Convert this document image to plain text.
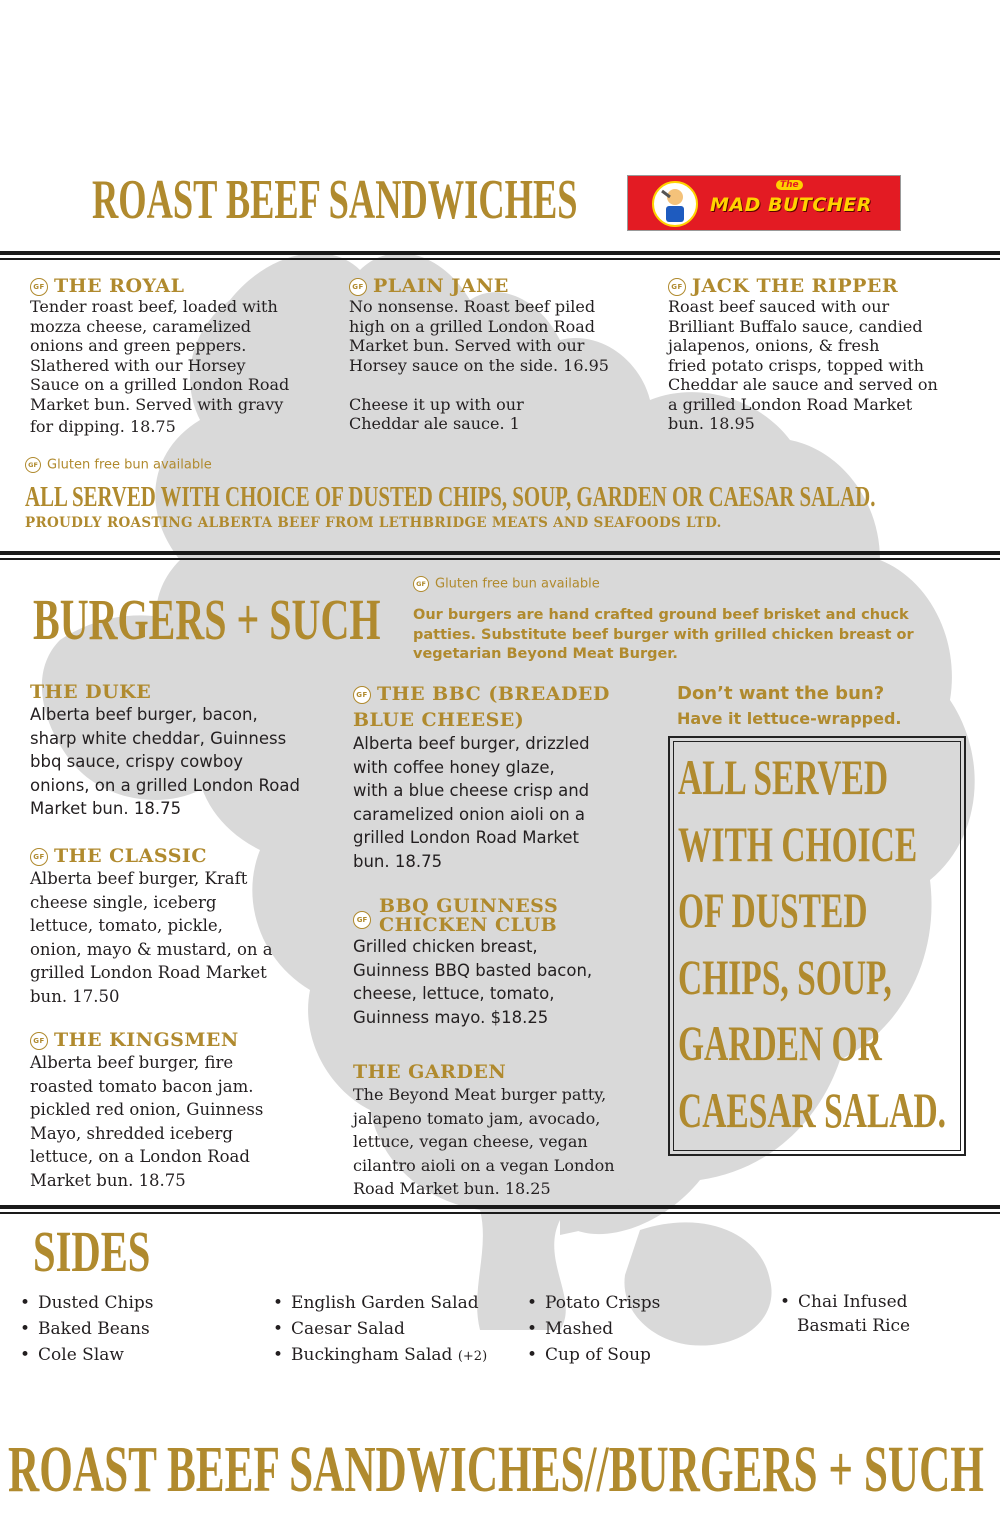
ROAST BEEF SANDWICHES	The
MAD BUTCHER
GF THE ROYAL
Tender roast beef, loaded with
mozza cheese, caramelized
onions and green peppers.
Slathered with our Horsey
Sauce on a grilled London Road
Market bun. Served with gravy
for dipping. 18.75
GF PLAIN JANE
No nonsense. Roast beef piled
high on a grilled London Road
Market bun. Served with our
Horsey sauce on the side. 16.95
Cheese it up with our
Cheddar ale sauce. 1
GF JACK THE RIPPER
Roast beef sauced with our
Brilliant Buffalo sauce, candied
jalapenos, onions, & fresh
fried potato crisps, topped with
Cheddar ale sauce and served on
a grilled London Road Market
bun. 18.95
GF Gluten free bun available
ALL SERVED WITH CHOICE OF DUSTED CHIPS, SOUP, GARDEN OR CAESAR SALAD.
PROUDLY ROASTING ALBERTA BEEF FROM LETHBRIDGE MEATS AND SEAFOODS LTD.
BURGERS + SUCH
GF Gluten free bun available
Our burgers are hand crafted ground beef brisket and chuck
patties. Substitute beef burger with grilled chicken breast or
vegetarian Beyond Meat Burger.
THE DUKE
Alberta beef burger, bacon,
sharp white cheddar, Guinness
bbq sauce, crispy cowboy
onions, on a grilled London Road
Market bun. 18.75
GF THE CLASSIC
Alberta beef burger, Kraft
cheese single, iceberg
lettuce, tomato, pickle,
onion, mayo & mustard, on a
grilled London Road Market
bun. 17.50
GF THE KINGSMEN
Alberta beef burger, fire
roasted tomato bacon jam.
pickled red onion, Guinness
Mayo, shredded iceberg
lettuce, on a London Road
Market bun. 18.75
GF THE BBC (BREADED
BLUE CHEESE)
Alberta beef burger, drizzled
with coffee honey glaze,
with a blue cheese crisp and
caramelized onion aioli on a
grilled London Road Market
bun. 18.75
GF
BBQ GUINNESS
CHICKEN CLUB
Grilled chicken breast,
Guinness BBQ basted bacon,
cheese, lettuce, tomato,
Guinness mayo. $18.25
THE GARDEN
The Beyond Meat burger patty,
jalapeno tomato jam, avocado,
lettuce, vegan cheese, vegan
cilantro aioli on a vegan London
Road Market bun. 18.25
Don’t want the bun?
Have it lettuce-wrapped.
ALL SERVED
WITH CHOICE
OF DUSTED
CHIPS, SOUP,
GARDEN OR
CAESAR SALAD.
SIDES
• Dusted Chips
• Baked Beans
• Cole Slaw
• English Garden Salad
• Caesar Salad
• Buckingham Salad (+2)
• Potato Crisps
• Mashed
• Cup of Soup
• Chai Infused
Basmati Rice
ROAST BEEF SANDWICHES//BURGERS + SUCH
